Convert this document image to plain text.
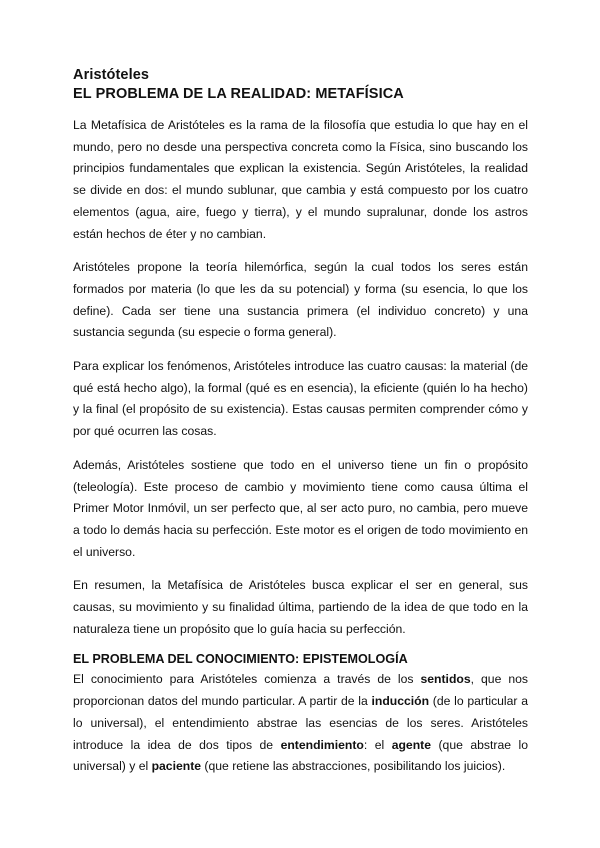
Aristóteles

EL PROBLEMA DE LA REALIDAD: METAFÍSICA

La Metafísica de Aristóteles es la rama de la filosofía que estudia lo que hay en el mundo, pero no desde una perspectiva concreta como la Física, sino buscando los principios fundamentales que explican la existencia. Según Aristóteles, la realidad se divide en dos: el mundo sublunar, que cambia y está compuesto por los cuatro elementos (agua, aire, fuego y tierra), y el mundo supralunar, donde los astros están hechos de éter y no cambian.

Aristóteles propone la teoría hilemórfica, según la cual todos los seres están formados por materia (lo que les da su potencial) y forma (su esencia, lo que los define). Cada ser tiene una sustancia primera (el individuo concreto) y una sustancia segunda (su especie o forma general).

Para explicar los fenómenos, Aristóteles introduce las cuatro causas: la material (de qué está hecho algo), la formal (qué es en esencia), la eficiente (quién lo ha hecho) y la final (el propósito de su existencia). Estas causas permiten comprender cómo y por qué ocurren las cosas.

Además, Aristóteles sostiene que todo en el universo tiene un fin o propósito (teleología). Este proceso de cambio y movimiento tiene como causa última el Primer Motor Inmóvil, un ser perfecto que, al ser acto puro, no cambia, pero mueve a todo lo demás hacia su perfección. Este motor es el origen de todo movimiento en el universo.

En resumen, la Metafísica de Aristóteles busca explicar el ser en general, sus causas, su movimiento y su finalidad última, partiendo de la idea de que todo en la naturaleza tiene un propósito que lo guía hacia su perfección.

EL PROBLEMA DEL CONOCIMIENTO: EPISTEMOLOGÍA

El conocimiento para Aristóteles comienza a través de los sentidos, que nos proporcionan datos del mundo particular. A partir de la inducción (de lo particular a lo universal), el entendimiento abstrae las esencias de los seres. Aristóteles introduce la idea de dos tipos de entendimiento: el agente (que abstrae lo universal) y el paciente (que retiene las abstracciones, posibilitando los juicios).
